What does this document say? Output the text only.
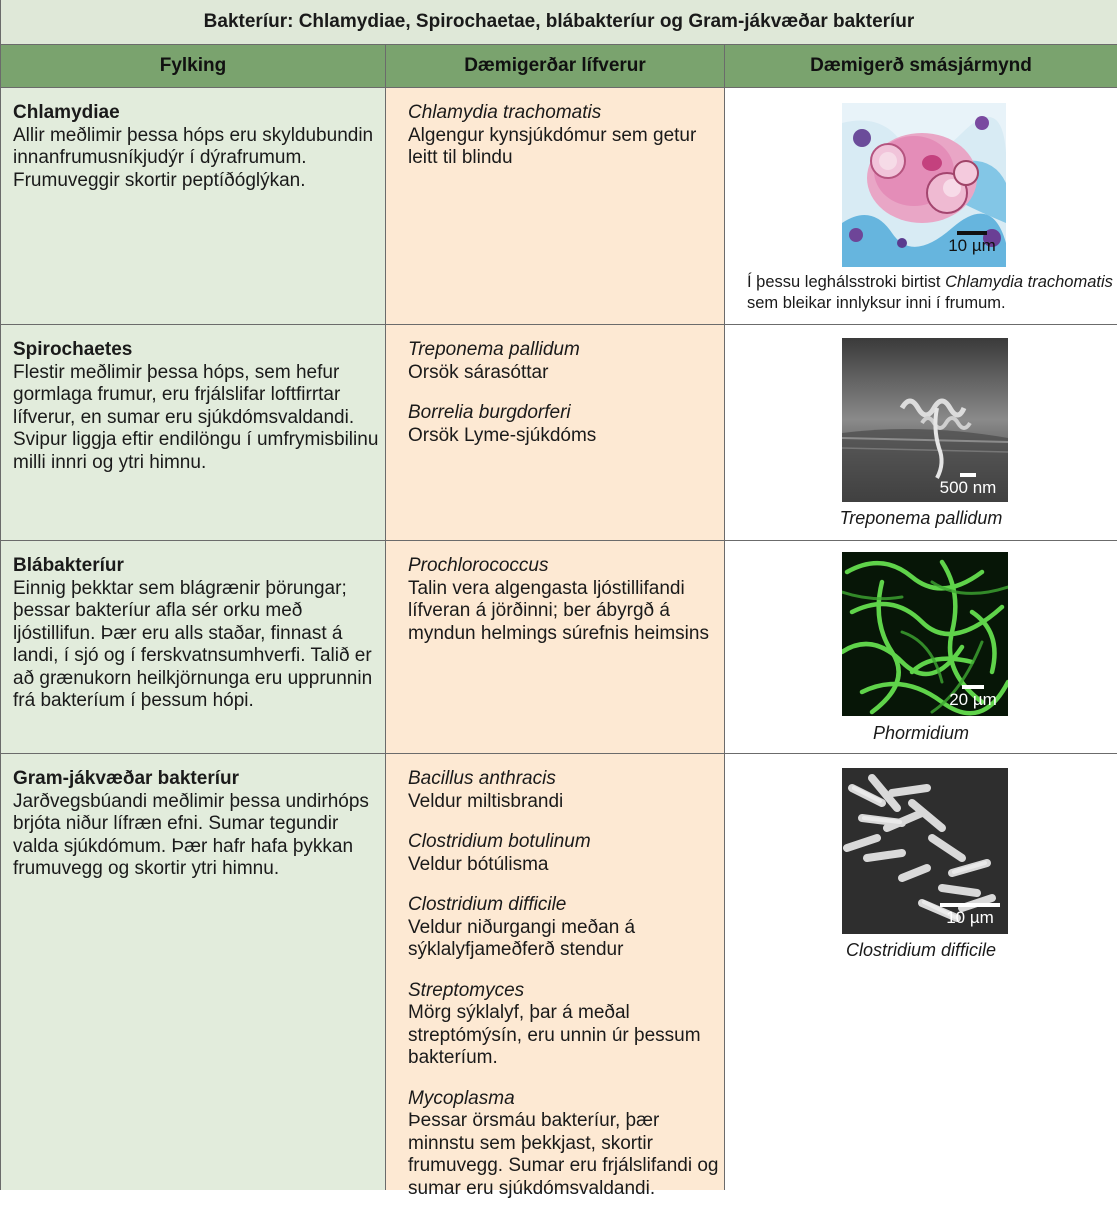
Bakteríur: Chlamydiae, Spirochaetae, blábakteríur og Gram-jákvæðar bakteríur
Fylking	Dæmigerðar lífverur	Dæmigerð smásjármynd
Chlamydiae
Allir meðlimir þessa hóps eru skyldubundin innanfrumusníkjudýr í dýrafrumum. Frumuveggir skortir peptíðóglýkan.
Chlamydia trachomatis
Algengur kynsjúkdómur sem getur leitt til blindu
10 µm
Í þessu leghálsstroki birtist Chlamydia trachomatis sem bleikar innlyksur inni í frumum.
Spirochaetes
Flestir meðlimir þessa hóps, sem hefur gormlaga frumur, eru frjálslifar loftfirrtar lífverur, en sumar eru sjúkdómsvaldandi. Svipur liggja eftir endilöngu í umfrymisbilinu milli innri og ytri himnu.
Treponema pallidum
Orsök sárasóttar
Borrelia burgdorferi
Orsök Lyme-sjúkdóms
500 nm
Treponema pallidum
Blábakteríur
Einnig þekktar sem blágrænir þörungar; þessar bakteríur afla sér orku með ljóstillifun. Þær eru alls staðar, finnast á landi, í sjó og í ferskvatnsumhverfi. Talið er að grænukorn heilkjörnunga eru upprunnin frá bakteríum í þessum hópi.
Prochlorococcus
Talin vera algengasta ljóstillifandi lífveran á jörðinni; ber ábyrgð á myndun helmings súrefnis heimsins
20 µm
Phormidium
Gram-jákvæðar bakteríur
Jarðvegsbúandi meðlimir þessa undirhóps brjóta niður lífræn efni. Sumar tegundir valda sjúkdómum. Þær hafr hafa þykkan frumuvegg og skortir ytri himnu.
Bacillus anthracis
Veldur miltisbrandi
Clostridium botulinum
Veldur bótúlisma
Clostridium difficile
Veldur niðurgangi meðan á sýklalyfjameðferð stendur
Streptomyces
Mörg sýklalyf, þar á meðal streptómýsín, eru unnin úr þessum bakteríum.
Mycoplasma
Þessar örsmáu bakteríur, þær minnstu sem þekkjast, skortir frumuvegg. Sumar eru frjálslifandi og sumar eru sjúkdómsvaldandi.
10 µm
Clostridium difficile
